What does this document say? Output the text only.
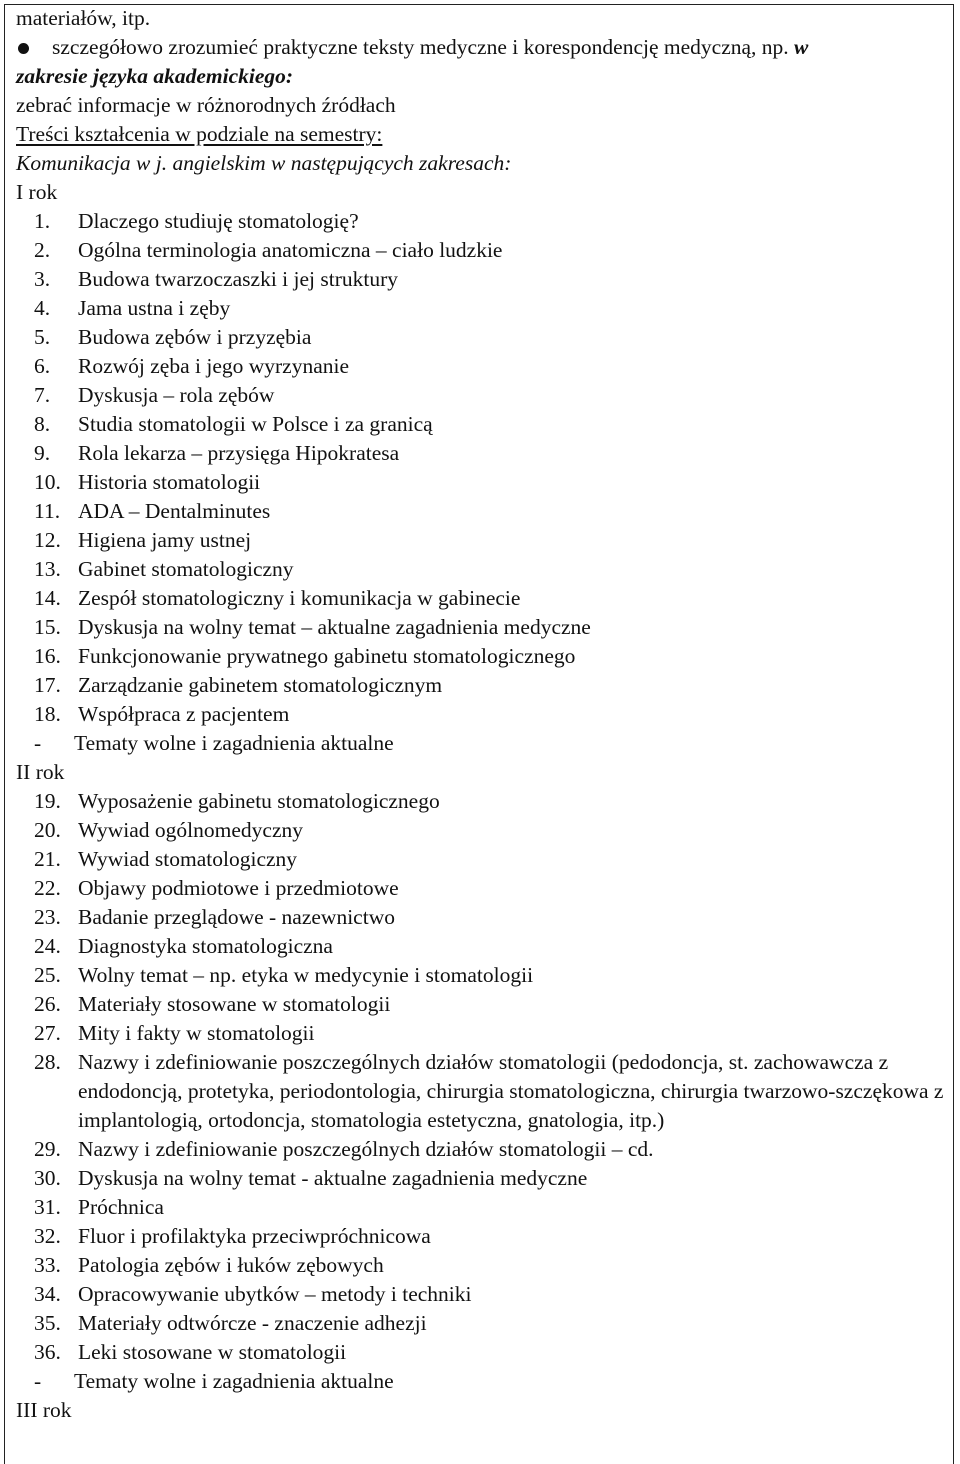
materiałów, itp.
szczegółowo zrozumieć praktyczne teksty medyczne i korespondencję medyczną, np. w
zakresie języka akademickiego:
zebrać informacje w różnorodnych źródłach
Treści kształcenia w podziale na semestry:
Komunikacja w j. angielskim w następujących zakresach:
I rok
1.	Dlaczego studiuję stomatologię?
2.	Ogólna terminologia anatomiczna – ciało ludzkie
3.	Budowa twarzoczaszki i jej struktury
4.	Jama ustna i zęby
5.	Budowa zębów i przyzębia
6.	Rozwój zęba i jego wyrzynanie
7.	Dyskusja – rola zębów
8.	Studia stomatologii w Polsce i za granicą
9.	Rola lekarza – przysięga Hipokratesa
10. Historia stomatologii
11. ADA – Dentalminutes
12. Higiena jamy ustnej
13. Gabinet stomatologiczny
14. Zespół stomatologiczny i komunikacja w gabinecie
15. Dyskusja na wolny temat – aktualne zagadnienia medyczne
16. Funkcjonowanie prywatnego gabinetu stomatologicznego
17. Zarządzanie gabinetem stomatologicznym
18. Współpraca z pacjentem
- Tematy wolne i zagadnienia aktualne
II rok
19. Wyposażenie gabinetu stomatologicznego
20. Wywiad ogólnomedyczny
21. Wywiad stomatologiczny
22. Objawy podmiotowe i przedmiotowe
23. Badanie przeglądowe - nazewnictwo
24. Diagnostyka stomatologiczna
25. Wolny temat – np. etyka w medycynie i stomatologii
26. Materiały stosowane w stomatologii
27. Mity i fakty w stomatologii
28. Nazwy i zdefiniowanie poszczególnych działów stomatologii (pedodoncja, st. zachowawcza z endodoncją, protetyka, periodontologia, chirurgia stomatologiczna, chirurgia twarzowo-szczękowa z implantologią, ortodoncja, stomatologia estetyczna, gnatologia, itp.)
29. Nazwy i zdefiniowanie poszczególnych działów stomatologii – cd.
30. Dyskusja na wolny temat - aktualne zagadnienia medyczne
31. Próchnica
32. Fluor i profilaktyka przeciwpróchnicowa
33. Patologia zębów i łuków zębowych
34. Opracowywanie ubytków – metody i techniki
35. Materiały odtwórcze - znaczenie adhezji
36. Leki stosowane w stomatologii
- Tematy wolne i zagadnienia aktualne
III rok
